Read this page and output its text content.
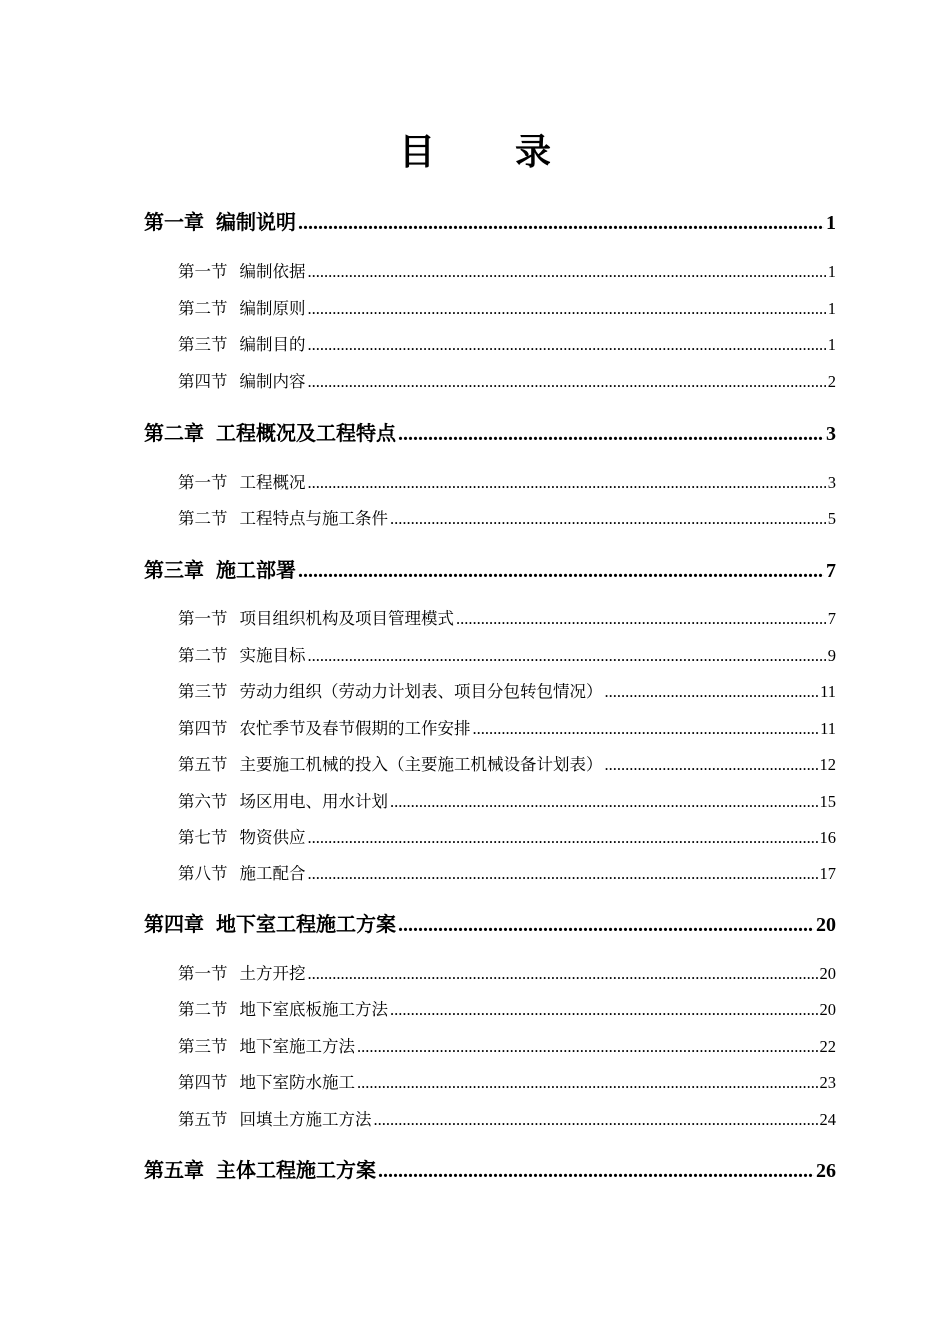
目 录
第一章 编制说明 .....	1
第一节 编制依据 .....	1
第二节 编制原则 .....	1
第三节 编制目的 .....	1
第四节 编制内容 .....	2
第二章 工程概况及工程特点 .....	3
第一节 工程概况 .....	3
第二节 工程特点与施工条件 .....	5
第三章 施工部署 .....	7
第一节 项目组织机构及项目管理模式 .....	7
第二节 实施目标 .....	9
第三节 劳动力组织（劳动力计划表、项目分包转包情况） .....	11
第四节 农忙季节及春节假期的工作安排 .....	11
第五节 主要施工机械的投入（主要施工机械设备计划表） .....	12
第六节 场区用电、用水计划 .....	15
第七节 物资供应 .....	16
第八节 施工配合 .....	17
第四章 地下室工程施工方案 .....	20
第一节 土方开挖 .....	20
第二节 地下室底板施工方法 .....	20
第三节 地下室施工方法 .....	22
第四节 地下室防水施工 .....	23
第五节 回填土方施工方法 .....	24
第五章 主体工程施工方案 .....	26
